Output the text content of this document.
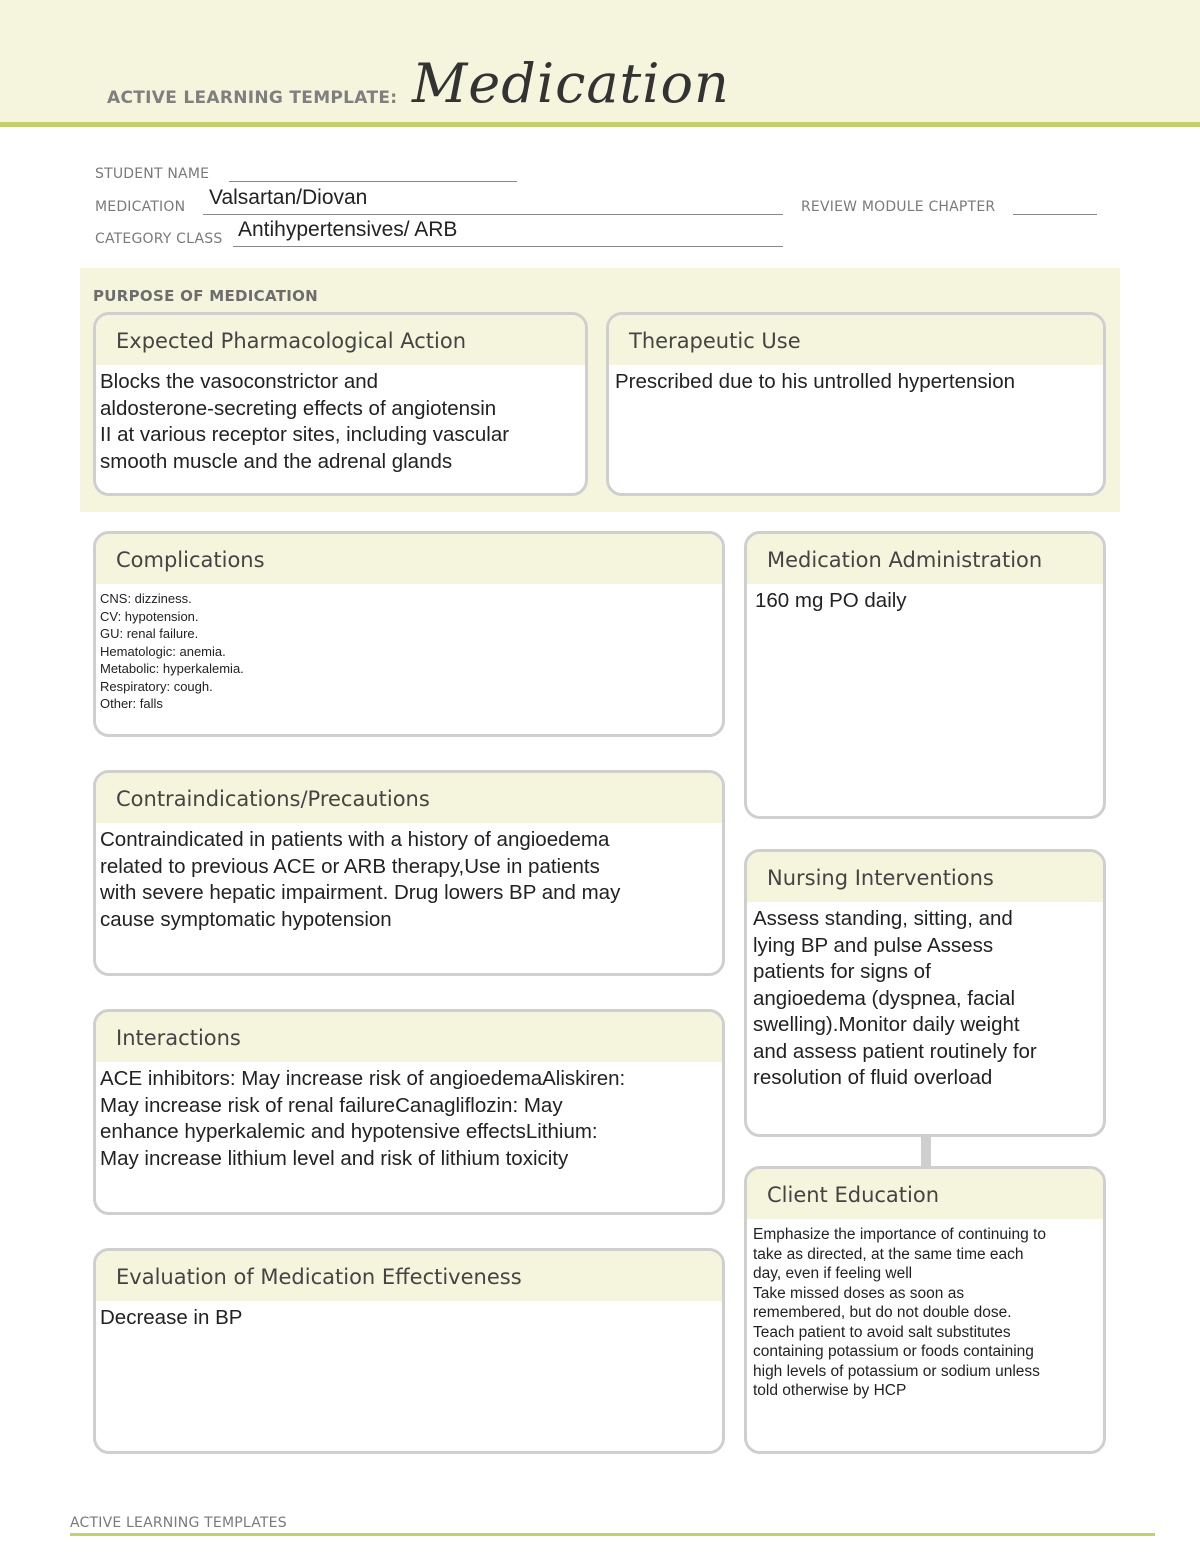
ACTIVE LEARNING TEMPLATE: Medication
STUDENT NAME
MEDICATION Valsartan/Diovan	REVIEW MODULE CHAPTER
CATEGORY CLASS Antihypertensives/ ARB
PURPOSE OF MEDICATION
Expected Pharmacological Action
Blocks the vasoconstrictor and
aldosterone-secreting effects of angiotensin
II at various receptor sites, including vascular
smooth muscle and the adrenal glands
Therapeutic Use
Prescribed due to his untrolled hypertension
Complications
CNS: dizziness.
CV: hypotension.
GU: renal failure.
Hematologic: anemia.
Metabolic: hyperkalemia.
Respiratory: cough.
Other: falls
Contraindications/Precautions
Contraindicated in patients with a history of angioedema
related to previous ACE or ARB therapy,Use in patients
with severe hepatic impairment. Drug lowers BP and may
cause symptomatic hypotension
Interactions
ACE inhibitors: May increase risk of angioedemaAliskiren:
May increase risk of renal failureCanagliflozin: May
enhance hyperkalemic and hypotensive effectsLithium:
May increase lithium level and risk of lithium toxicity
Evaluation of Medication Effectiveness
Decrease in BP
Medication Administration
160 mg PO daily
Nursing Interventions
Assess standing, sitting, and
lying BP and pulse Assess
patients for signs of
angioedema (dyspnea, facial
swelling).Monitor daily weight
and assess patient routinely for
resolution of fluid overload
Client Education
Emphasize the importance of continuing to
take as directed, at the same time each
day, even if feeling well
Take missed doses as soon as
remembered, but do not double dose.
Teach patient to avoid salt substitutes
containing potassium or foods containing
high levels of potassium or sodium unless
told otherwise by HCP
ACTIVE LEARNING TEMPLATES
